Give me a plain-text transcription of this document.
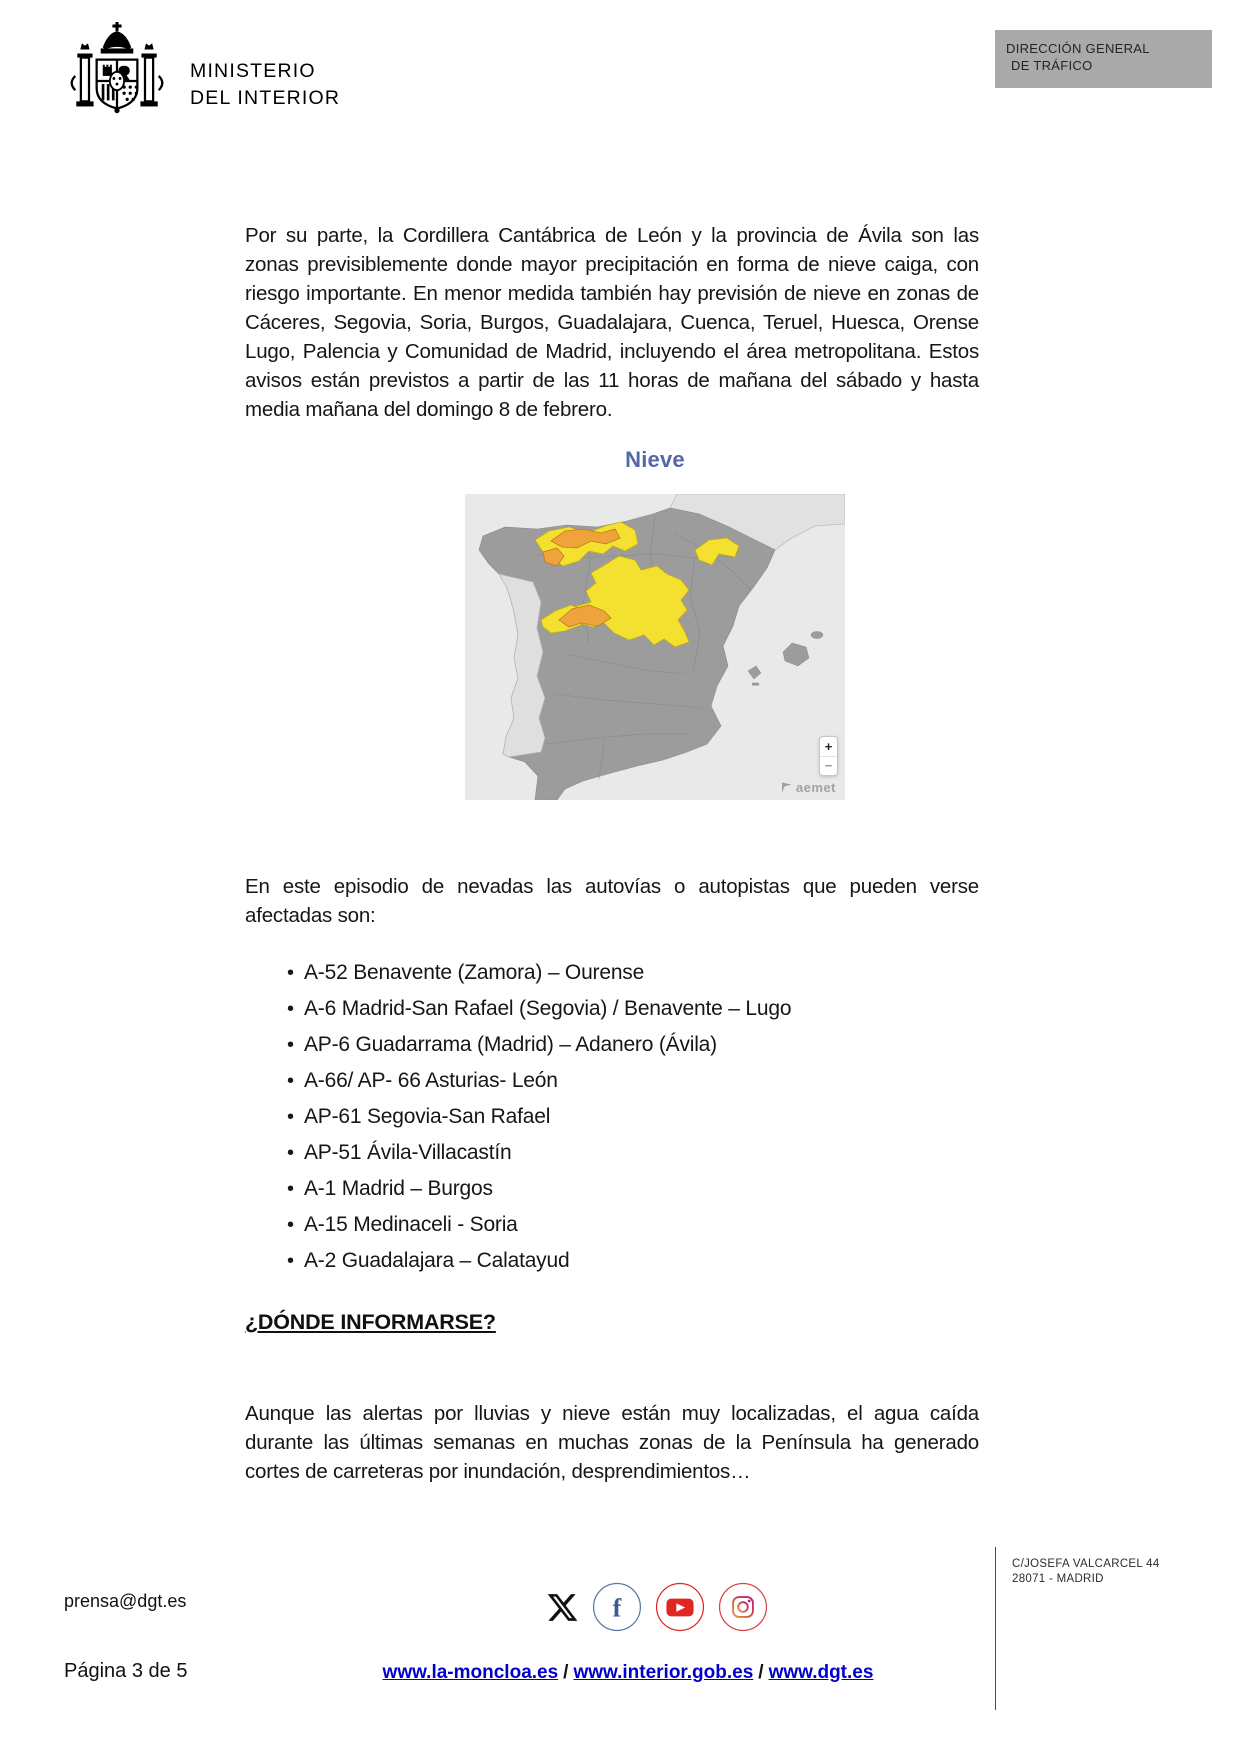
MINISTERIO
DEL INTERIOR
DIRECCIÓN GENERAL
DE TRÁFICO

Por su parte, la Cordillera Cantábrica de León y la provincia de Ávila son las zonas previsiblemente donde mayor precipitación en forma de nieve caiga, con riesgo importante. En menor medida también hay previsión de nieve en zonas de Cáceres, Segovia, Soria, Burgos, Guadalajara, Cuenca, Teruel, Huesca, Orense Lugo, Palencia y Comunidad de Madrid, incluyendo el área metropolitana. Estos avisos están previstos a partir de las 11 horas de mañana del sábado y hasta media mañana del domingo 8 de febrero.

Nieve
+
−
aemet

En este episodio de nevadas las autovías o autopistas que pueden verse afectadas son:

• A-52 Benavente (Zamora) – Ourense
• A-6 Madrid-San Rafael (Segovia) / Benavente – Lugo
• AP-6 Guadarrama (Madrid) – Adanero (Ávila)
• A-66/ AP- 66 Asturias- León
• AP-61 Segovia-San Rafael
• AP-51 Ávila-Villacastín
• A-1 Madrid – Burgos
• A-15 Medinaceli - Soria
• A-2 Guadalajara – Calatayud
¿DÓNDE INFORMARSE?

Aunque las alertas por lluvias y nieve están muy localizadas, el agua caída durante las últimas semanas en muchas zonas de la Península ha generado cortes de carreteras por inundación, desprendimientos…

prensa@dgt.es	f
C/JOSEFA VALCARCEL 44
28071 - MADRID
Página 3 de 5	www.la-moncloa.es / www.interior.gob.es / www.dgt.es
